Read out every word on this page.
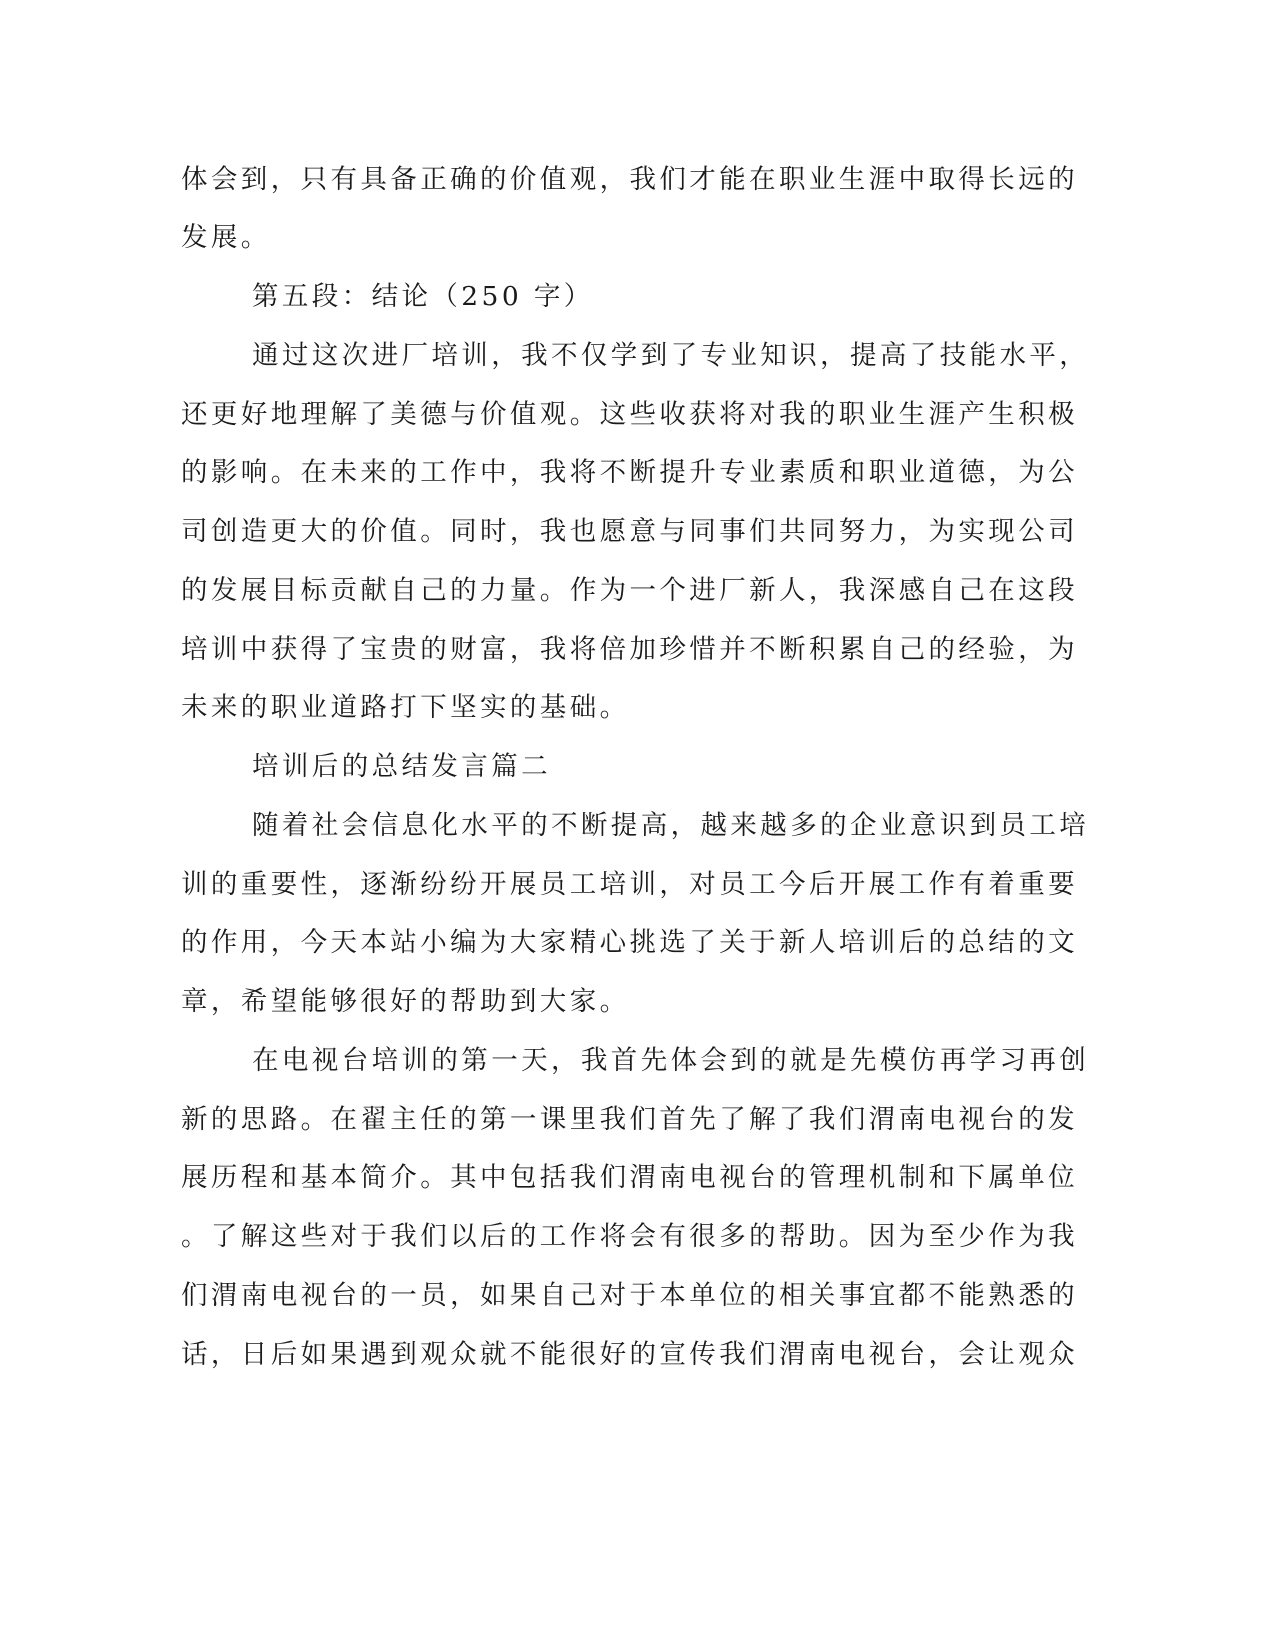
体会到，只有具备正确的价值观，我们才能在职业生涯中取得长远的
发展。
第五段：结论（250 字）
通过这次进厂培训，我不仅学到了专业知识，提高了技能水平，
还更好地理解了美德与价值观。这些收获将对我的职业生涯产生积极
的影响。在未来的工作中，我将不断提升专业素质和职业道德，为公
司创造更大的价值。同时，我也愿意与同事们共同努力，为实现公司
的发展目标贡献自己的力量。作为一个进厂新人，我深感自己在这段
培训中获得了宝贵的财富，我将倍加珍惜并不断积累自己的经验，为
未来的职业道路打下坚实的基础。
培训后的总结发言篇二
随着社会信息化水平的不断提高，越来越多的企业意识到员工培
训的重要性，逐渐纷纷开展员工培训，对员工今后开展工作有着重要
的作用，今天本站小编为大家精心挑选了关于新人培训后的总结的文
章，希望能够很好的帮助到大家。
在电视台培训的第一天，我首先体会到的就是先模仿再学习再创
新的思路。在翟主任的第一课里我们首先了解了我们渭南电视台的发
展历程和基本简介。其中包括我们渭南电视台的管理机制和下属单位
。了解这些对于我们以后的工作将会有很多的帮助。因为至少作为我
们渭南电视台的一员，如果自己对于本单位的相关事宜都不能熟悉的
话，日后如果遇到观众就不能很好的宣传我们渭南电视台，会让观众
